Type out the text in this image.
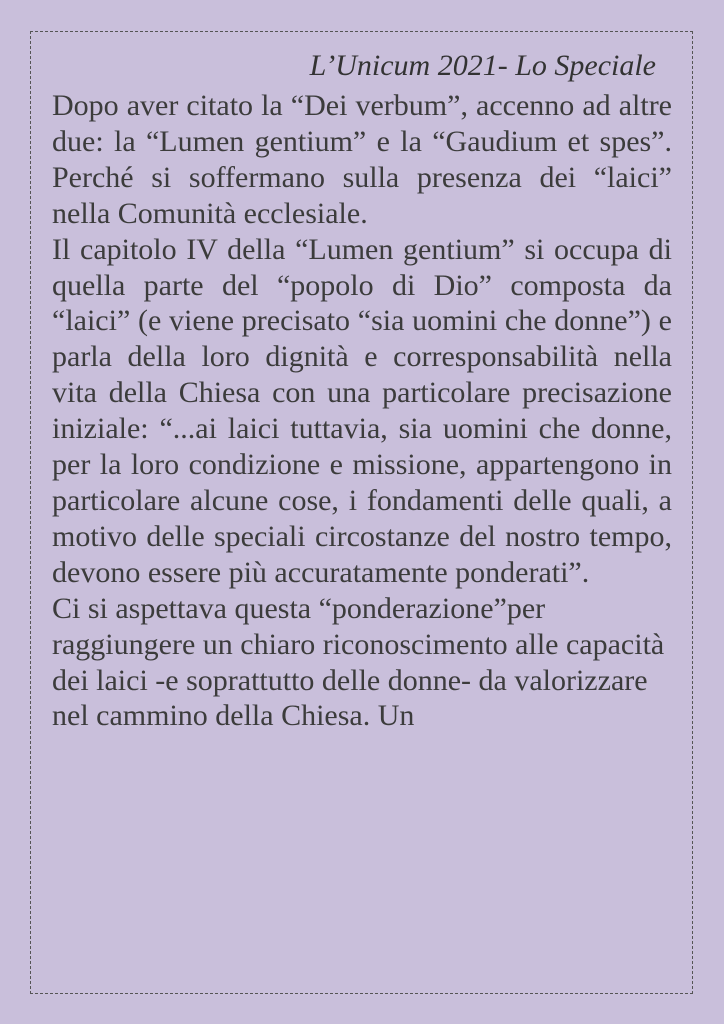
L’Unicum 2021- Lo Speciale

Dopo aver citato la “Dei verbum”, accenno ad altre due: la “Lumen gentium” e la “Gaudium et spes”. Perché si soffermano sulla presenza dei “laici” nella Comunità ecclesiale.

Il capitolo IV della “Lumen gentium” si occupa di quella parte del “popolo di Dio” composta da “laici” (e viene precisato “sia uomini che donne”) e parla della loro dignità e corresponsabilità nella vita della Chiesa con una particolare precisazione iniziale: “...ai laici tuttavia, sia uomini che donne, per la loro condizione e missione, appartengono in particolare alcune cose, i fondamenti delle quali, a motivo delle speciali circostanze del nostro tempo, devono essere più accuratamente ponderati”.

Ci si aspettava questa “ponderazione”per raggiungere un chiaro riconoscimento alle capacità dei laici -e soprattutto delle donne- da valorizzare nel cammino della Chiesa. Un
